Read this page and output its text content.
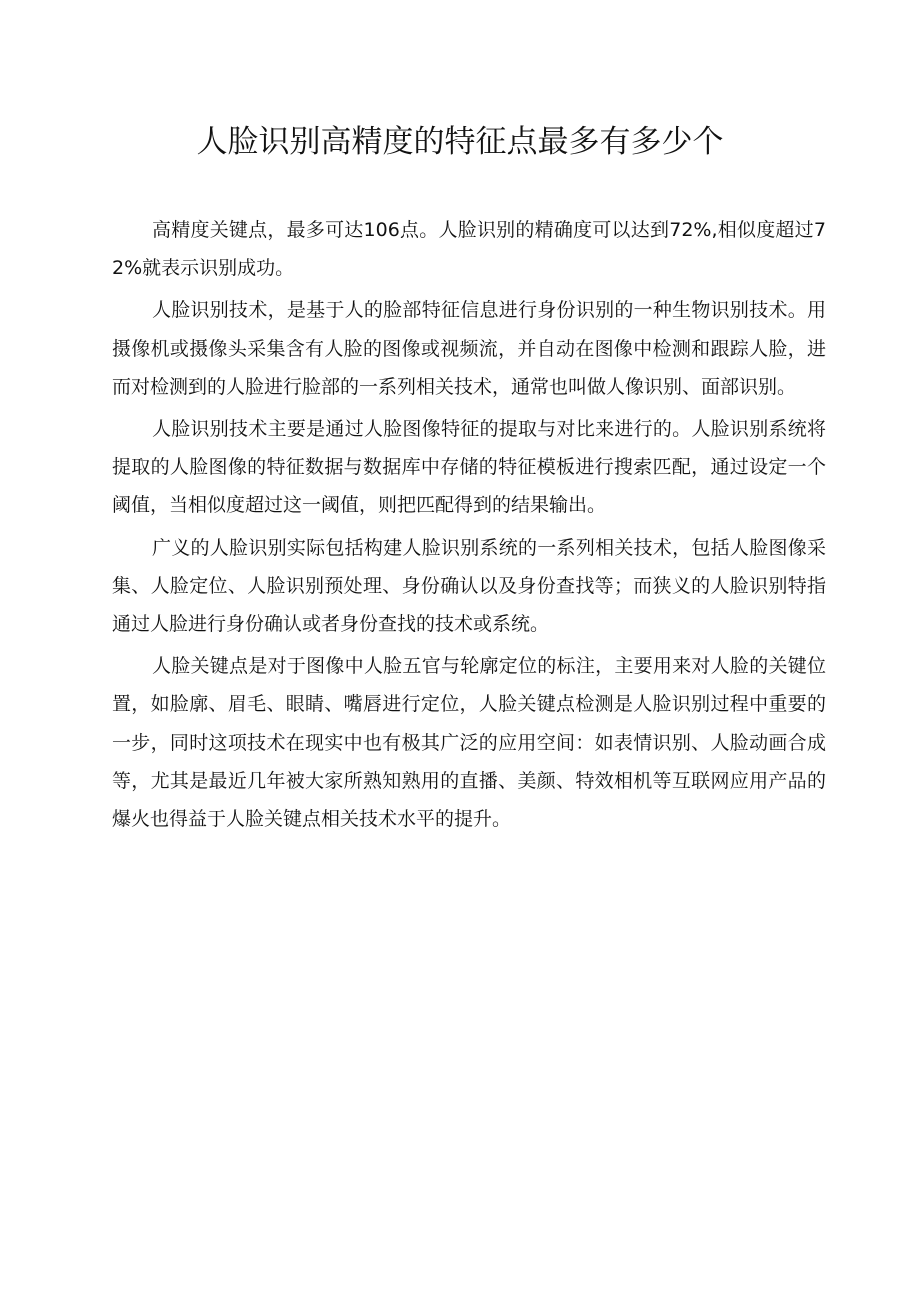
人脸识别高精度的特征点最多有多少个

高精度关键点，最多可达106点。人脸识别的精确度可以达到72%,相似度超过72%就表示识别成功。

人脸识别技术，是基于人的脸部特征信息进行身份识别的一种生物识别技术。用摄像机或摄像头采集含有人脸的图像或视频流，并自动在图像中检测和跟踪人脸，进而对检测到的人脸进行脸部的一系列相关技术，通常也叫做人像识别、面部识别。

人脸识别技术主要是通过人脸图像特征的提取与对比来进行的。人脸识别系统将提取的人脸图像的特征数据与数据库中存储的特征模板进行搜索匹配，通过设定一个阈值，当相似度超过这一阈值，则把匹配得到的结果输出。

广义的人脸识别实际包括构建人脸识别系统的一系列相关技术，包括人脸图像采集、人脸定位、人脸识别预处理、身份确认以及身份查找等；而狭义的人脸识别特指通过人脸进行身份确认或者身份查找的技术或系统。

人脸关键点是对于图像中人脸五官与轮廓定位的标注，主要用来对人脸的关键位置，如脸廓、眉毛、眼睛、嘴唇进行定位，人脸关键点检测是人脸识别过程中重要的一步，同时这项技术在现实中也有极其广泛的应用空间：如表情识别、人脸动画合成等，尤其是最近几年被大家所熟知熟用的直播、美颜、特效相机等互联网应用产品的爆火也得益于人脸关键点相关技术水平的提升。
